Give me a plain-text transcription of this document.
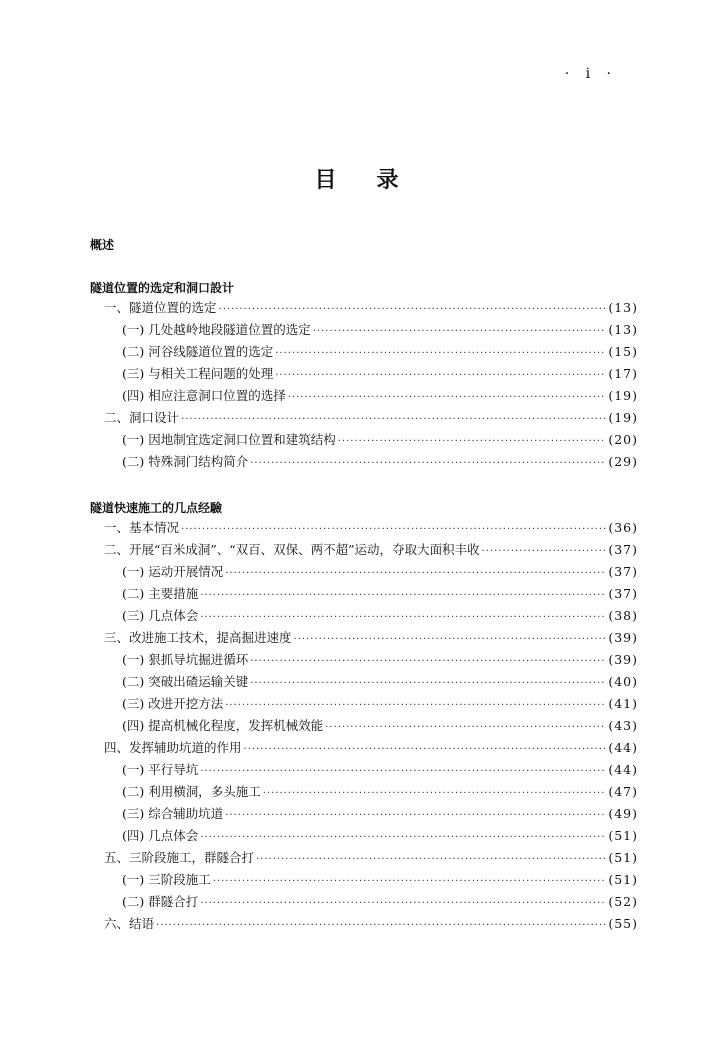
· i ·
目 录
概述
隧道位置的选定和洞口設计
一、隧道位置的选定 ·····	(13)
(一) 几处越岭地段隧道位置的选定 ·····	(13)
(二) 河谷线隧道位置的选定 ·····	(15)
(三) 与相关工程问题的处理 ·····	(17)
(四) 相应注意洞口位置的选择 ·····	(19)
二、洞口设计 ·····	(19)
(一) 因地制宜选定洞口位置和建筑结构 ·····	(20)
(二) 特殊洞门结构简介 ·····	(29)
隧道快速施工的几点经驗
一、基本情况 ·····	(36)
二、开展“百米成洞”、“双百、双保、两不超”运动，夺取大面积丰收 ·····	(37)
(一) 运动开展情况 ·····	(37)
(二) 主要措施 ·····	(37)
(三) 几点体会 ·····	(38)
三、改进施工技术，提高掘进速度 ·····	(39)
(一) 狠抓导坑掘进循环 ·····	(39)
(二) 突破出碴运输关键 ·····	(40)
(三) 改进开挖方法 ·····	(41)
(四) 提高机械化程度，发挥机械效能 ·····	(43)
四、发挥辅助坑道的作用 ·····	(44)
(一) 平行导坑 ·····	(44)
(二) 利用横洞，多头施工 ·····	(47)
(三) 综合辅助坑道 ·····	(49)
(四) 几点体会 ·····	(51)
五、三阶段施工，群隧合打 ·····	(51)
(一) 三阶段施工 ·····	(51)
(二) 群隧合打 ·····	(52)
六、结语 ·····	(55)
